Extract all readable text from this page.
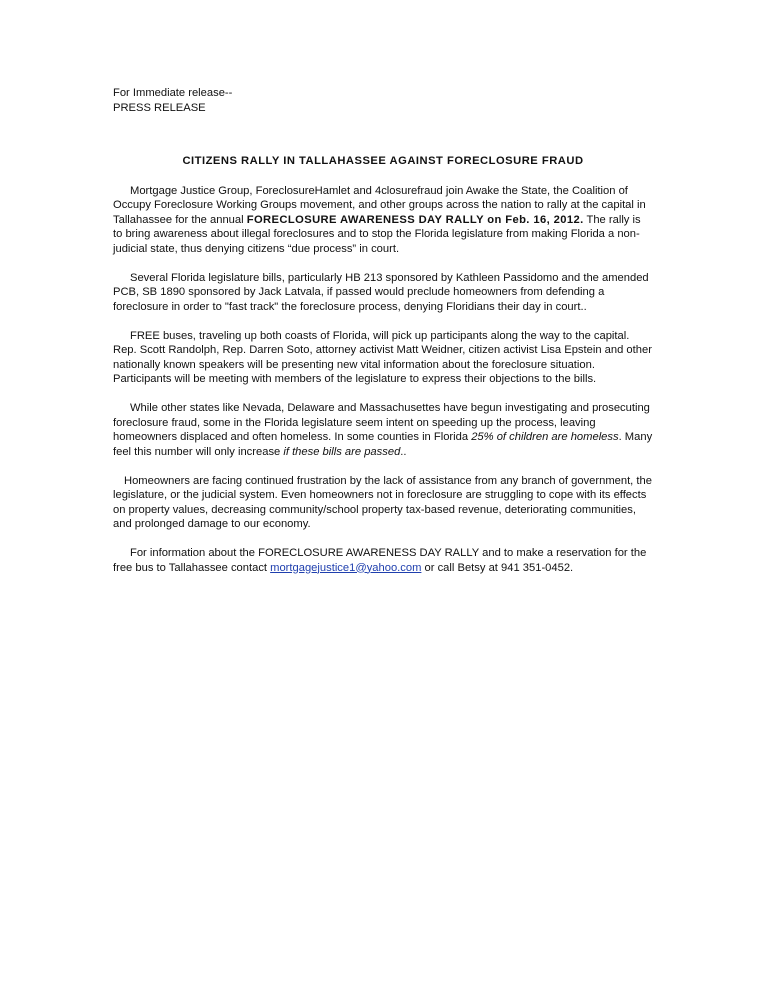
For Immediate release--

PRESS RELEASE

CITIZENS RALLY IN TALLAHASSEE AGAINST FORECLOSURE FRAUD

Mortgage Justice Group, ForeclosureHamlet and 4closurefraud join Awake the State, the Coalition of Occupy Foreclosure Working Groups movement, and other groups across the nation to rally at the capital in Tallahassee for the annual FORECLOSURE AWARENESS DAY RALLY on Feb. 16, 2012. The rally is to bring awareness about illegal foreclosures and to stop the Florida legislature from making Florida a non-judicial state, thus denying citizens “due process” in court.

Several Florida legislature bills, particularly HB 213 sponsored by Kathleen Passidomo and the amended PCB, SB 1890 sponsored by Jack Latvala, if passed would preclude homeowners from defending a foreclosure in order to "fast track" the foreclosure process, denying Floridians their day in court..

FREE buses, traveling up both coasts of Florida, will pick up participants along the way to the capital. Rep. Scott Randolph, Rep. Darren Soto, attorney activist Matt Weidner, citizen activist Lisa Epstein and other nationally known speakers will be presenting new vital information about the foreclosure situation. Participants will be meeting with members of the legislature to express their objections to the bills.

While other states like Nevada, Delaware and Massachusettes have begun investigating and prosecuting foreclosure fraud, some in the Florida legislature seem intent on speeding up the process, leaving homeowners displaced and often homeless. In some counties in Florida 25% of children are homeless. Many feel this number will only increase if these bills are passed..

Homeowners are facing continued frustration by the lack of assistance from any branch of government, the legislature, or the judicial system. Even homeowners not in foreclosure are struggling to cope with its effects on property values, decreasing community/school property tax-based revenue, deteriorating communities, and prolonged damage to our economy.

For information about the FORECLOSURE AWARENESS DAY RALLY and to make a reservation for the free bus to Tallahassee contact mortgagejustice1@yahoo.com or call Betsy at 941 351-0452.
